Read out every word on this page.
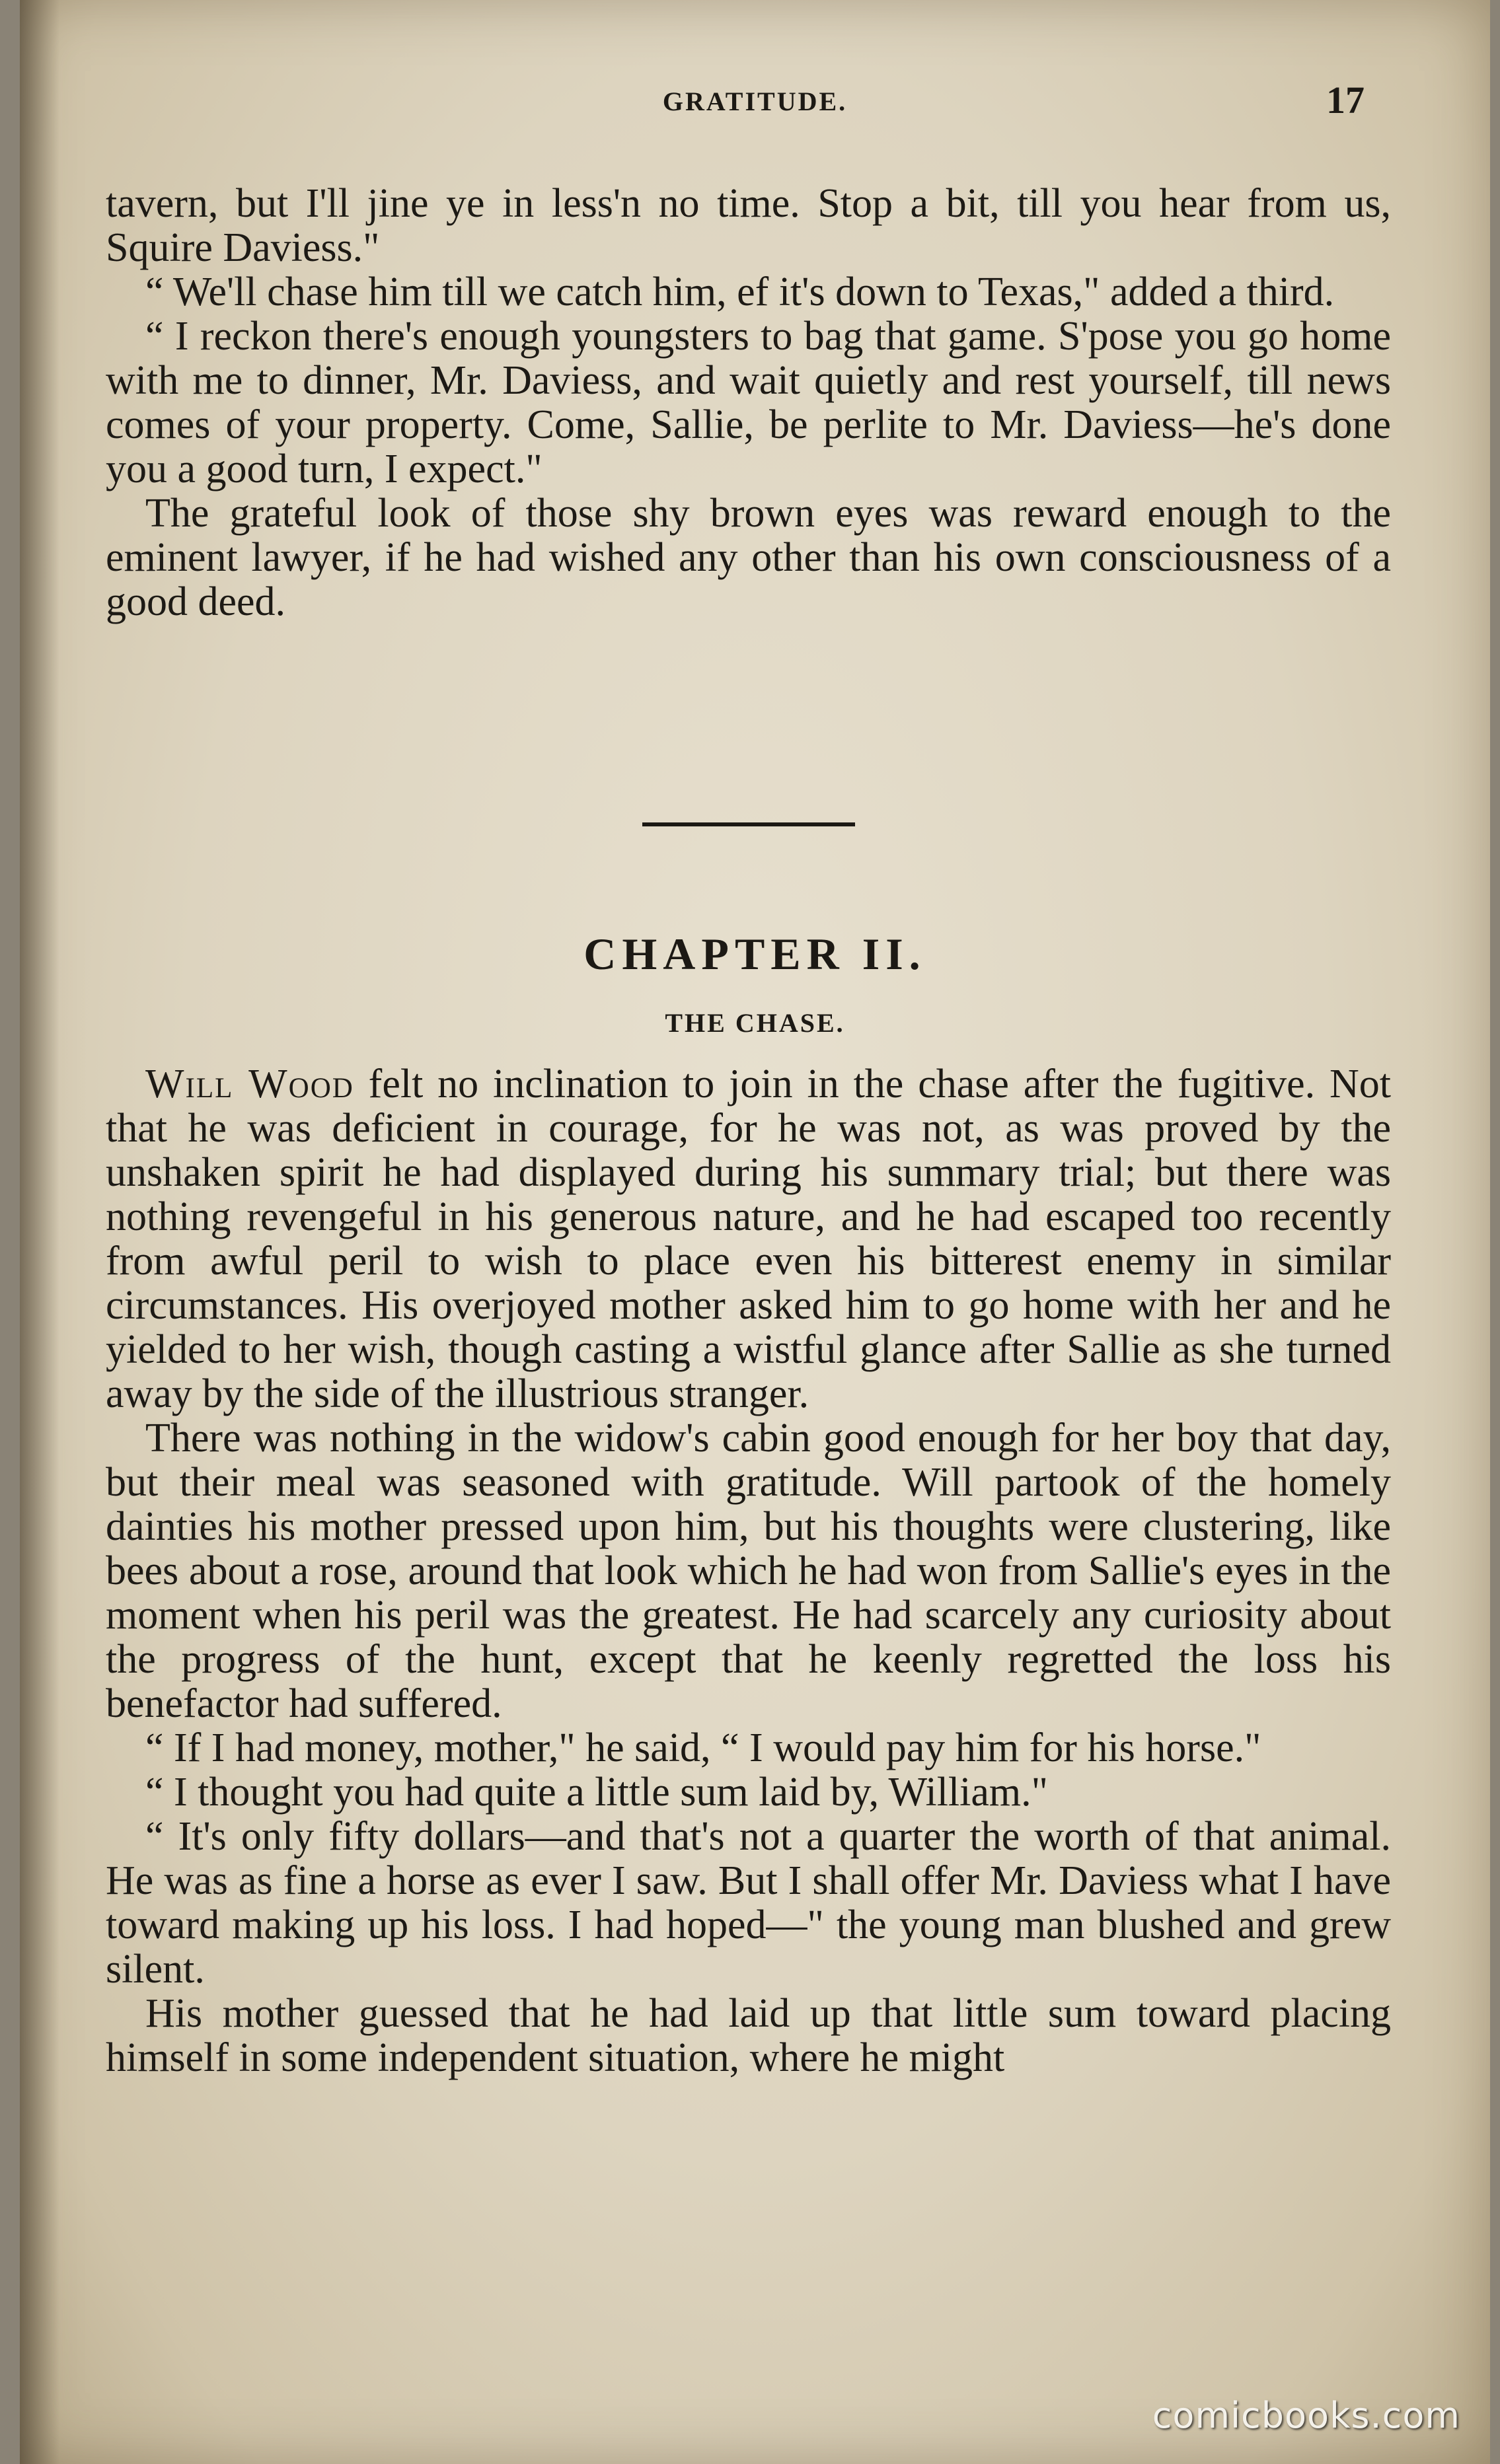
GRATITUDE.	17

tavern, but I'll jine ye in less'n no time. Stop a bit, till you hear from us, Squire Daviess."

“ We'll chase him till we catch him, ef it's down to Texas," added a third.

“ I reckon there's enough youngsters to bag that game. S'pose you go home with me to dinner, Mr. Daviess, and wait quietly and rest yourself, till news comes of your property. Come, Sallie, be perlite to Mr. Daviess—he's done you a good turn, I expect."

The grateful look of those shy brown eyes was reward enough to the eminent lawyer, if he had wished any other than his own consciousness of a good deed.

CHAPTER II.
THE CHASE.

Will Wood felt no inclination to join in the chase after the fugitive. Not that he was deficient in courage, for he was not, as was proved by the unshaken spirit he had displayed during his summary trial; but there was nothing revengeful in his generous nature, and he had escaped too recently from awful peril to wish to place even his bitterest enemy in similar circumstances. His overjoyed mother asked him to go home with her and he yielded to her wish, though casting a wistful glance after Sallie as she turned away by the side of the illustrious stranger.

There was nothing in the widow's cabin good enough for her boy that day, but their meal was seasoned with gratitude. Will partook of the homely dainties his mother pressed upon him, but his thoughts were clustering, like bees about a rose, around that look which he had won from Sallie's eyes in the moment when his peril was the greatest. He had scarcely any curiosity about the progress of the hunt, except that he keenly regretted the loss his benefactor had suffered.

“ If I had money, mother," he said, “ I would pay him for his horse."

“ I thought you had quite a little sum laid by, William."

“ It's only fifty dollars—and that's not a quarter the worth of that animal. He was as fine a horse as ever I saw. But I shall offer Mr. Daviess what I have toward making up his loss. I had hoped—" the young man blushed and grew silent.

His mother guessed that he had laid up that little sum toward placing himself in some independent situation, where he might

comicbooks.com
